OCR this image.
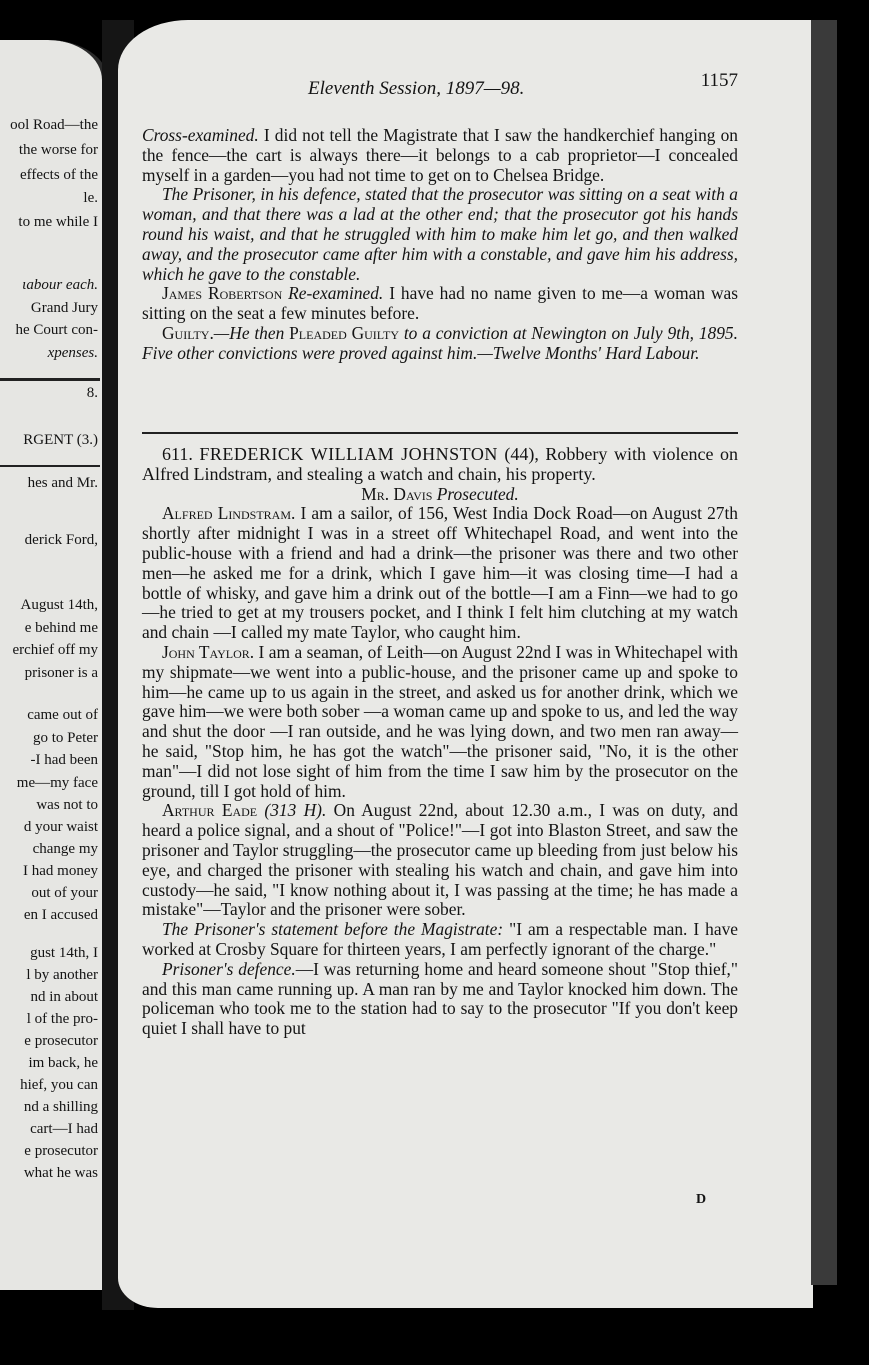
ool Road—the
the worse for
effects of the
le.
to me while I
ɩabour each.
Grand Jury
he Court con-
xpenses.
8.
RGENT (3.)
hes and Mr.
derick Ford,
August 14th,
e behind me
erchief off my
prisoner is a
came out of
go to Peter
-I had been
me—my face
was not to
d your waist
change my
I had money
out of your
en I accused
gust 14th, I
l by another
nd in about
l of the pro-
e prosecutor
im back, he
hief, you can
nd a shilling
cart—I had
e prosecutor
what he was
Eleventh Session, 1897—98.	1157

Cross-examined. I did not tell the Magistrate that I saw the handkerchief hanging on the fence—the cart is always there—it belongs to a cab proprietor—I concealed myself in a garden—you had not time to get on to Chelsea Bridge.

The Prisoner, in his defence, stated that the prosecutor was sitting on a seat with a woman, and that there was a lad at the other end; that the prosecutor got his hands round his waist, and that he struggled with him to make him let go, and then walked away, and the prosecutor came after him with a constable, and gave him his address, which he gave to the constable.

James Robertson Re-examined. I have had no name given to me—a woman was sitting on the seat a few minutes before.

Guilty.—He then Pleaded Guilty to a conviction at Newington on July 9th, 1895. Five other convictions were proved against him.—Twelve Months' Hard Labour.

611. FREDERICK WILLIAM JOHNSTON (44), Robbery with violence on Alfred Lindstram, and stealing a watch and chain, his property.

Mr. Davis Prosecuted.

Alfred Lindstram. I am a sailor, of 156, West India Dock Road—on August 27th shortly after midnight I was in a street off Whitechapel Road, and went into the public-house with a friend and had a drink—the prisoner was there and two other men—he asked me for a drink, which I gave him—it was closing time—I had a bottle of whisky, and gave him a drink out of the bottle—I am a Finn—we had to go—he tried to get at my trousers pocket, and I think I felt him clutching at my watch and chain —I called my mate Taylor, who caught him.

John Taylor. I am a seaman, of Leith—on August 22nd I was in Whitechapel with my shipmate—we went into a public-house, and the prisoner came up and spoke to him—he came up to us again in the street, and asked us for another drink, which we gave him—we were both sober —a woman came up and spoke to us, and led the way and shut the door —I ran outside, and he was lying down, and two men ran away—he said, "Stop him, he has got the watch"—the prisoner said, "No, it is the other man"—I did not lose sight of him from the time I saw him by the prosecutor on the ground, till I got hold of him.

Arthur Eade (313 H). On August 22nd, about 12.30 a.m., I was on duty, and heard a police signal, and a shout of "Police!"—I got into Blaston Street, and saw the prisoner and Taylor struggling—the prosecutor came up bleeding from just below his eye, and charged the prisoner with stealing his watch and chain, and gave him into custody—he said, "I know nothing about it, I was passing at the time; he has made a mistake"—Taylor and the prisoner were sober.

The Prisoner's statement before the Magistrate: "I am a respectable man. I have worked at Crosby Square for thirteen years, I am perfectly ignorant of the charge."

Prisoner's defence.—I was returning home and heard someone shout "Stop thief," and this man came running up. A man ran by me and Taylor knocked him down. The policeman who took me to the station had to say to the prosecutor "If you don't keep quiet I shall have to put

D
